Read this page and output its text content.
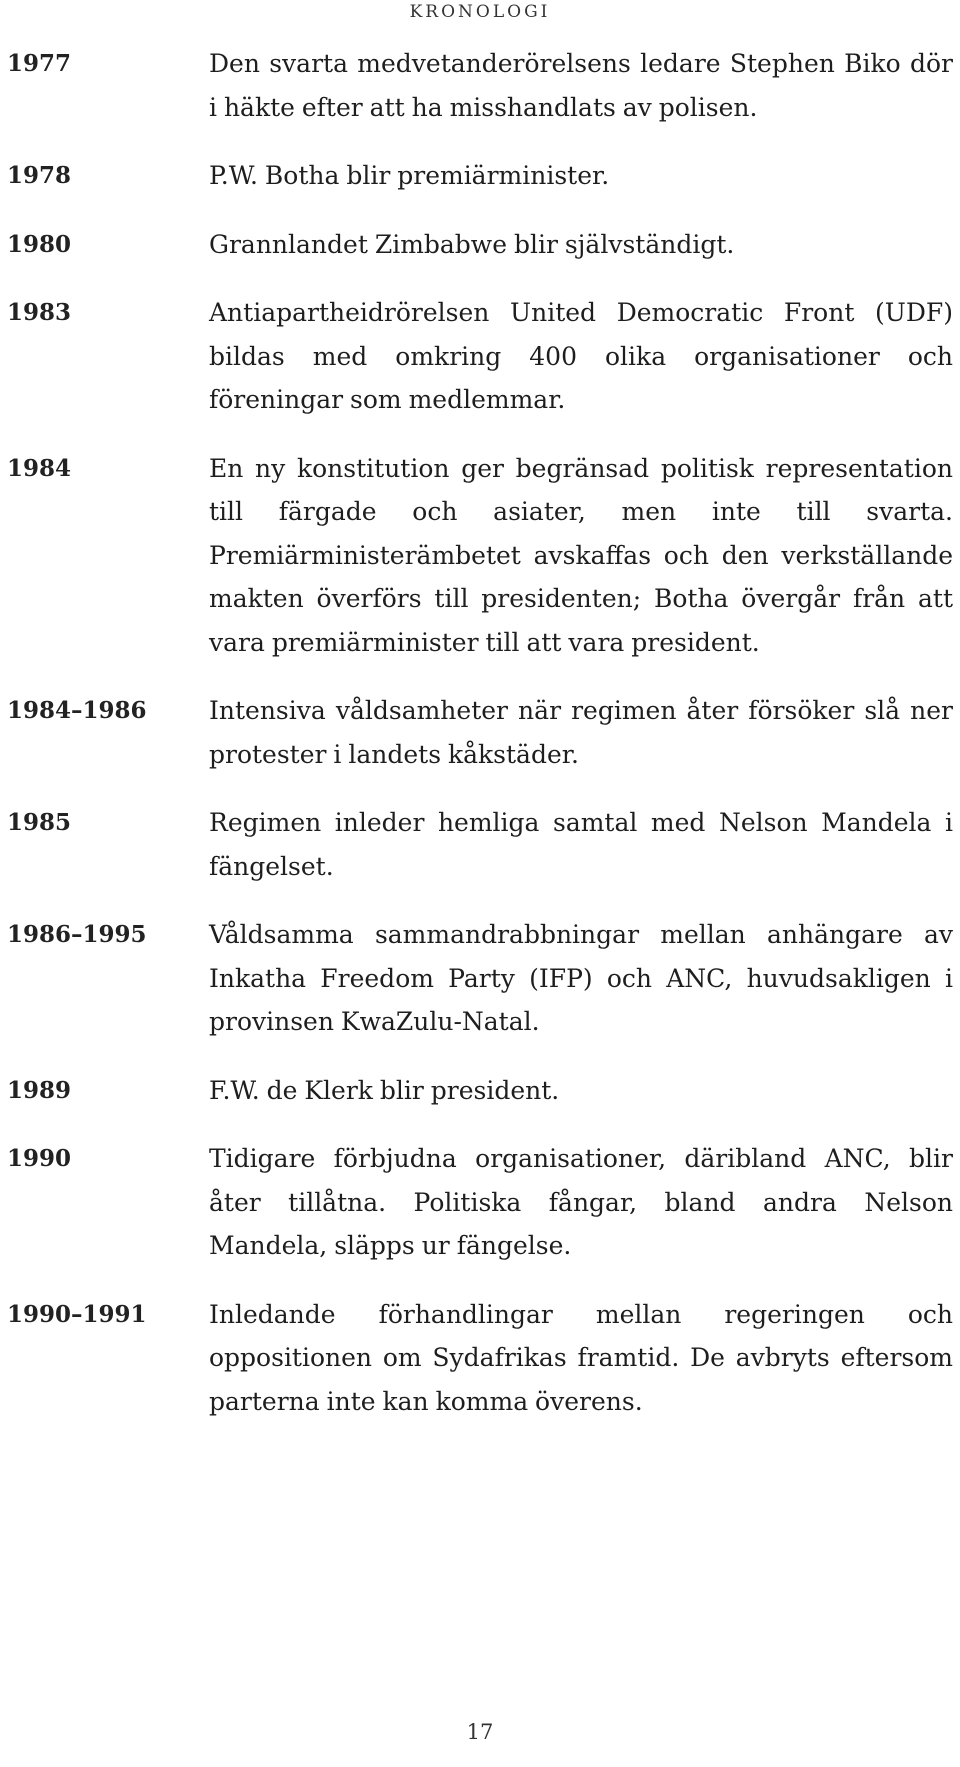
KRONOLOGI
1977	Den svarta medvetanderörelsens ledare Stephen Biko dör i häkte efter att ha misshandlats av polisen.
1978	P.W. Botha blir premiärminister.
1980	Grannlandet Zimbabwe blir självständigt.
1983	Antiapartheidrörelsen United Democratic Front (UDF) bildas med omkring 400 olika organisationer och föreningar som medlemmar.
1984	En ny konstitution ger begränsad politisk representation till färgade och asiater, men inte till svarta. Premiärministerämbetet avskaffas och den verkställande makten överförs till presidenten; Botha övergår från att vara premiärminister till att vara president.
1984–1986 Intensiva våldsamheter när regimen åter försöker slå ner protester i landets kåkstäder.
1985	Regimen inleder hemliga samtal med Nelson Mandela i fängelset.
1986–1995 Våldsamma sammandrabbningar mellan anhängare av Inkatha Freedom Party (IFP) och ANC, huvudsakligen i provinsen KwaZulu-Natal.
1989	F.W. de Klerk blir president.
1990	Tidigare förbjudna organisationer, däribland ANC, blir åter tillåtna. Politiska fångar, bland andra Nelson Mandela, släpps ur fängelse.
1990–1991 Inledande förhandlingar mellan regeringen och oppositionen om Sydafrikas framtid. De avbryts eftersom parterna inte kan komma överens.
17
